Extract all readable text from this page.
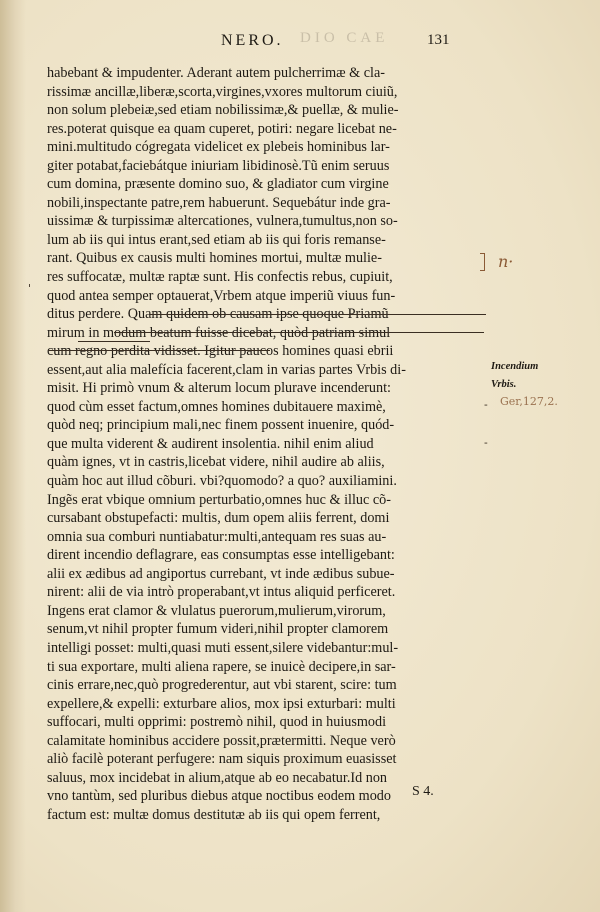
DIO CAE
NERO.	131
habebant & impudenter. Aderant autem pulcherrimæ & cla-
rissimæ ancillæ,liberæ,scorta,virgines,vxores multorum ciuiũ,
non solum plebeiæ,sed etiam nobilissimæ,& puellæ, & mulie-
res.poterat quisque ea quam cuperet, potiri: negare licebat ne-
mini.multitudo cógregata videlicet ex plebeis hominibus lar-
giter potabat,faciebátque iniuriam libidinosè.Tũ enim seruus
cum domina, præsente domino suo, & gladiator cum virgine
nobili,inspectante patre,rem habuerunt. Sequebátur inde gra-
uissimæ & turpissimæ altercationes, vulnera,tumultus,non so-
lum ab iis qui intus erant,sed etiam ab iis qui foris remanse-
rant. Quibus ex causis multi homines mortui, multæ mulie-
res suffocatæ, multæ raptæ sunt. His confectis rebus, cupiuit,
quod antea semper optauerat,Vrbem atque imperiũ viuus fun-
ditus perdere. Quam quidem ob causam ipse quoque Priamũ
mirum in modum beatum fuisse dicebat, quòd patriam simul
cum regno perdita vidisset. Igitur paucos homines quasi ebrii
essent,aut alia malefícia facerent,clam in varias partes Vrbis di-
misit. Hi primò vnum & alterum locum plurave incenderunt:
quod cùm esset factum,omnes homines dubitauere maximè,
quòd neq; principium mali,nec finem possent inuenire, quód-
que multa viderent & audirent insolentia. nihil enim aliud
quàm ignes, vt in castris,licebat videre, nihil audire ab aliis,
quàm hoc aut illud cõburi. vbi?quomodo? a quo? auxiliamini.
Ingẽs erat vbique omnium perturbatio,omnes huc & illuc cõ-
cursabant obstupefacti: multis, dum opem aliis ferrent, domi
omnia sua comburi nuntiabatur:multi,antequam res suas au-
dirent incendio deflagrare, eas consumptas esse intelligebant:
alii ex ædibus ad angiportus currebant, vt inde ædibus subue-
nirent: alii de via intrò properabant,vt intus aliquid perficeret.
Ingens erat clamor & vlulatus puerorum,mulierum,virorum,
senum,vt nihil propter fumum videri,nihil propter clamorem
intelligi posset: multi,quasi muti essent,silere videbantur:mul-
ti sua exportare, multi aliena rapere, se inuicè decipere,in sar-
cinis errare,nec,quò progrederentur, aut vbi starent, scire: tum
expellere,& expelli: exturbare alios, mox ipsi exturbari: multi
suffocari, multi opprimi: postremò nihil, quod in huiusmodi
calamitate hominibus accidere possit,prætermitti. Neque verò
aliò facilè poterant perfugere: nam siquis proximum euasisset
saluus, mox incidebat in alium,atque ab eo necabatur.Id non
vno tantùm, sed pluribus diebus atque noctibus eodem modo
factum est: multæ domus destitutæ ab iis qui opem ferrent,
n·
Incendium
Vrbis.
Ger,127,2.
'
-
-
S 4.
